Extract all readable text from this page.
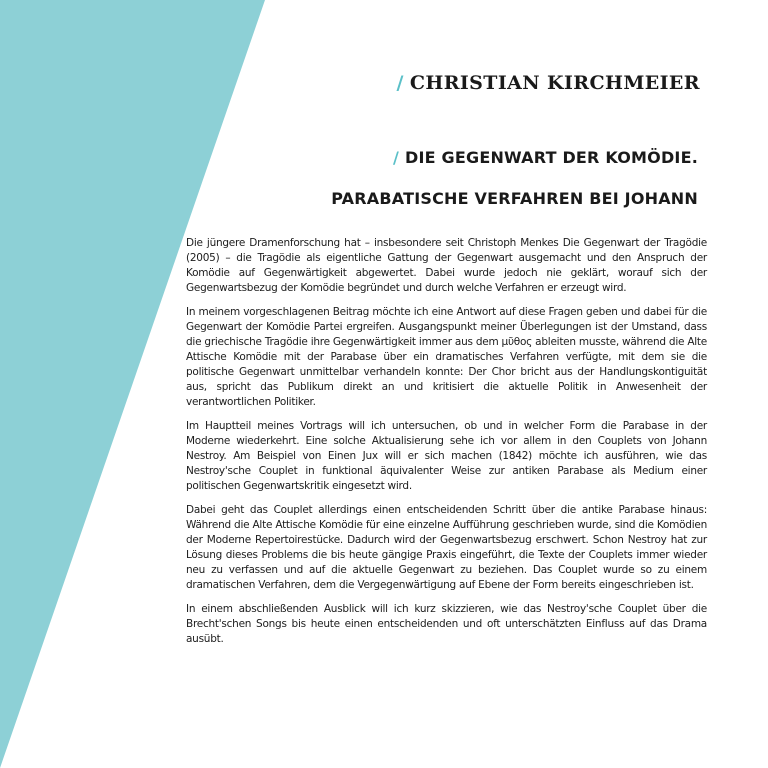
/ CHRISTIAN KIRCHMEIER
/ DIE GEGENWART DER KOMÖDIE.
PARABATISCHE VERFAHREN BEI JOHANN

Die jüngere Dramenforschung hat – insbesondere seit Christoph Menkes Die Gegenwart der Tragödie (2005) – die Tragödie als eigentliche Gattung der Gegenwart ausgemacht und den Anspruch der Komödie auf Gegenwärtigkeit abgewertet. Dabei wurde jedoch nie geklärt, worauf sich der Gegenwartsbezug der Komödie begründet und durch welche Verfahren er erzeugt wird.

In meinem vorgeschlagenen Beitrag möchte ich eine Antwort auf diese Fragen geben und dabei für die Gegenwart der Komödie Partei ergreifen. Ausgangspunkt meiner Überlegungen ist der Umstand, dass die griechische Tragödie ihre Gegenwärtigkeit immer aus dem μῦθος ableiten musste, während die Alte Attische Komödie mit der Parabase über ein dramatisches Verfahren verfügte, mit dem sie die politische Gegenwart unmittelbar verhandeln konnte: Der Chor bricht aus der Handlungskontiguität aus, spricht das Publikum direkt an und kritisiert die aktuelle Politik in Anwesenheit der verantwortlichen Politiker.

Im Hauptteil meines Vortrags will ich untersuchen, ob und in welcher Form die Parabase in der Moderne wiederkehrt. Eine solche Aktualisierung sehe ich vor allem in den Couplets von Johann Nestroy. Am Beispiel von Einen Jux will er sich machen (1842) möchte ich ausführen, wie das Nestroy'sche Couplet in funktional äquivalenter Weise zur antiken Parabase als Medium einer politischen Gegenwartskritik eingesetzt wird.

Dabei geht das Couplet allerdings einen entscheidenden Schritt über die antike Parabase hinaus: Während die Alte Attische Komödie für eine einzelne Aufführung geschrieben wurde, sind die Komödien der Moderne Repertoirestücke. Dadurch wird der Gegenwartsbezug erschwert. Schon Nestroy hat zur Lösung dieses Problems die bis heute gängige Praxis eingeführt, die Texte der Couplets immer wieder neu zu verfassen und auf die aktuelle Gegenwart zu beziehen. Das Couplet wurde so zu einem dramatischen Verfahren, dem die Vergegenwärtigung auf Ebene der Form bereits eingeschrieben ist.

In einem abschließenden Ausblick will ich kurz skizzieren, wie das Nestroy'sche Couplet über die Brecht'schen Songs bis heute einen entscheidenden und oft unterschätzten Einfluss auf das Drama ausübt.
